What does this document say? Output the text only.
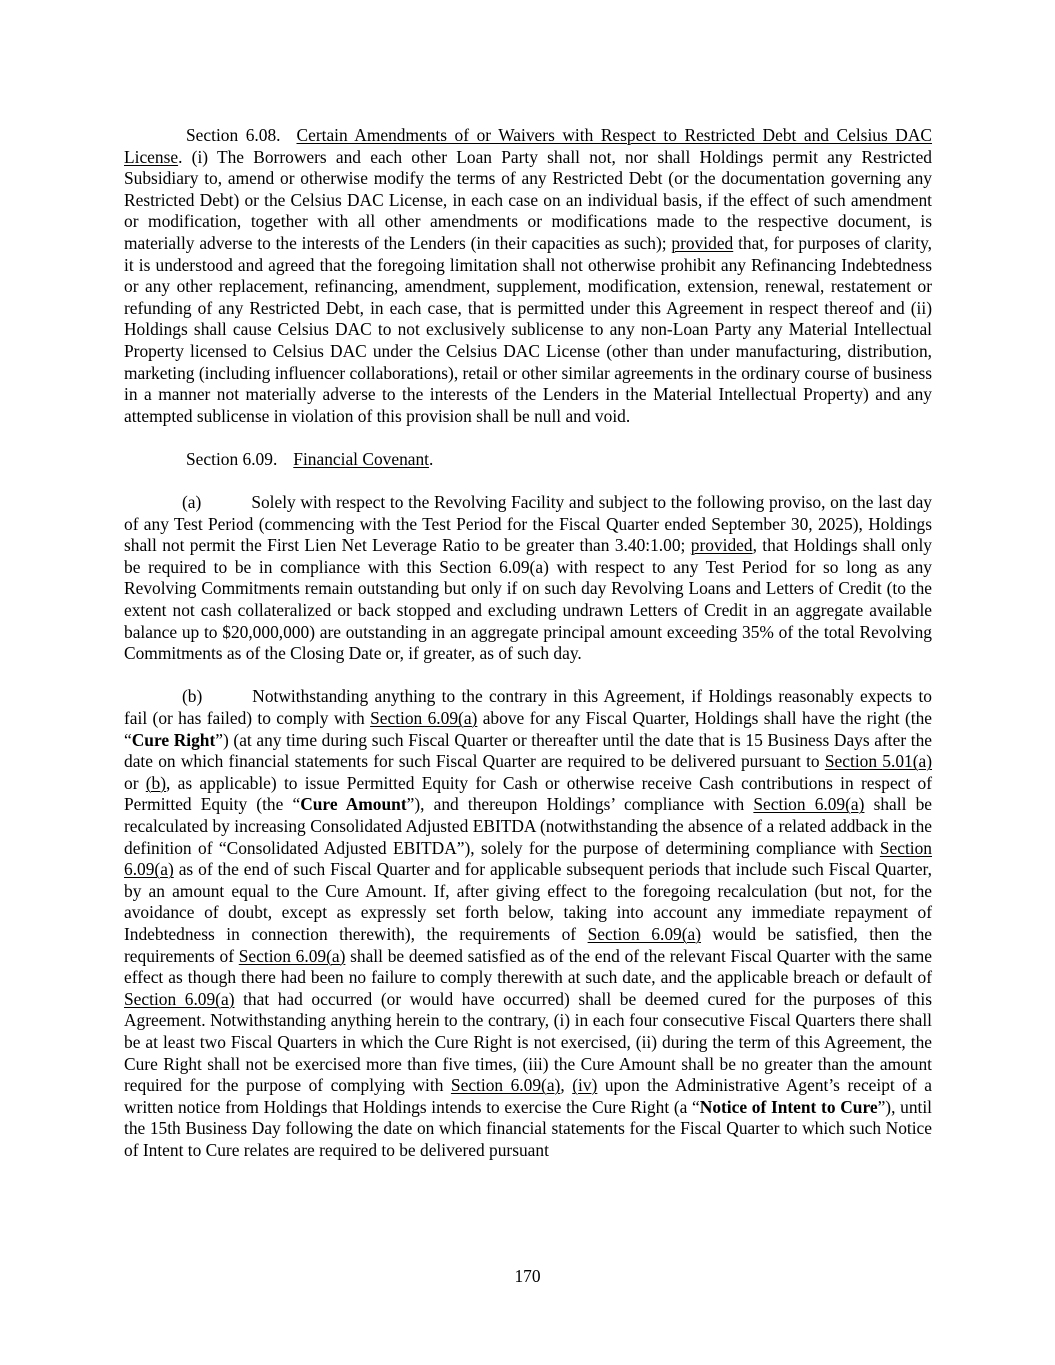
Section 6.08. Certain Amendments of or Waivers with Respect to Restricted Debt and Celsius DAC License. (i) The Borrowers and each other Loan Party shall not, nor shall Holdings permit any Restricted Subsidiary to, amend or otherwise modify the terms of any Restricted Debt (or the documentation governing any Restricted Debt) or the Celsius DAC License, in each case on an individual basis, if the effect of such amendment or modification, together with all other amendments or modifications made to the respective document, is materially adverse to the interests of the Lenders (in their capacities as such); provided that, for purposes of clarity, it is understood and agreed that the foregoing limitation shall not otherwise prohibit any Refinancing Indebtedness or any other replacement, refinancing, amendment, supplement, modification, extension, renewal, restatement or refunding of any Restricted Debt, in each case, that is permitted under this Agreement in respect thereof and (ii) Holdings shall cause Celsius DAC to not exclusively sublicense to any non-Loan Party any Material Intellectual Property licensed to Celsius DAC under the Celsius DAC License (other than under manufacturing, distribution, marketing (including influencer collaborations), retail or other similar agreements in the ordinary course of business in a manner not materially adverse to the interests of the Lenders in the Material Intellectual Property) and any attempted sublicense in violation of this provision shall be null and void.

Section 6.09. Financial Covenant.

(a)	Solely with respect to the Revolving Facility and subject to the following proviso, on the last day of any Test Period (commencing with the Test Period for the Fiscal Quarter ended September 30, 2025), Holdings shall not permit the First Lien Net Leverage Ratio to be greater than 3.40:1.00; provided, that Holdings shall only be required to be in compliance with this Section 6.09(a) with respect to any Test Period for so long as any Revolving Commitments remain outstanding but only if on such day Revolving Loans and Letters of Credit (to the extent not cash collateralized or back stopped and excluding undrawn Letters of Credit in an aggregate available balance up to $20,000,000) are outstanding in an aggregate principal amount exceeding 35% of the total Revolving Commitments as of the Closing Date or, if greater, as of such day.

(b)	Notwithstanding anything to the contrary in this Agreement, if Holdings reasonably expects to fail (or has failed) to comply with Section 6.09(a) above for any Fiscal Quarter, Holdings shall have the right (the “Cure Right”) (at any time during such Fiscal Quarter or thereafter until the date that is 15 Business Days after the date on which financial statements for such Fiscal Quarter are required to be delivered pursuant to Section 5.01(a) or (b), as applicable) to issue Permitted Equity for Cash or otherwise receive Cash contributions in respect of Permitted Equity (the “Cure Amount”), and thereupon Holdings’ compliance with Section 6.09(a) shall be recalculated by increasing Consolidated Adjusted EBITDA (notwithstanding the absence of a related addback in the definition of “Consolidated Adjusted EBITDA”), solely for the purpose of determining compliance with Section 6.09(a) as of the end of such Fiscal Quarter and for applicable subsequent periods that include such Fiscal Quarter, by an amount equal to the Cure Amount. If, after giving effect to the foregoing recalculation (but not, for the avoidance of doubt, except as expressly set forth below, taking into account any immediate repayment of Indebtedness in connection therewith), the requirements of Section 6.09(a) would be satisfied, then the requirements of Section 6.09(a) shall be deemed satisfied as of the end of the relevant Fiscal Quarter with the same effect as though there had been no failure to comply therewith at such date, and the applicable breach or default of Section 6.09(a) that had occurred (or would have occurred) shall be deemed cured for the purposes of this Agreement. Notwithstanding anything herein to the contrary, (i) in each four consecutive Fiscal Quarters there shall be at least two Fiscal Quarters in which the Cure Right is not exercised, (ii) during the term of this Agreement, the Cure Right shall not be exercised more than five times, (iii) the Cure Amount shall be no greater than the amount required for the purpose of complying with Section 6.09(a), (iv) upon the Administrative Agent’s receipt of a written notice from Holdings that Holdings intends to exercise the Cure Right (a “Notice of Intent to Cure”), until the 15th Business Day following the date on which financial statements for the Fiscal Quarter to which such Notice of Intent to Cure relates are required to be delivered pursuant

170
